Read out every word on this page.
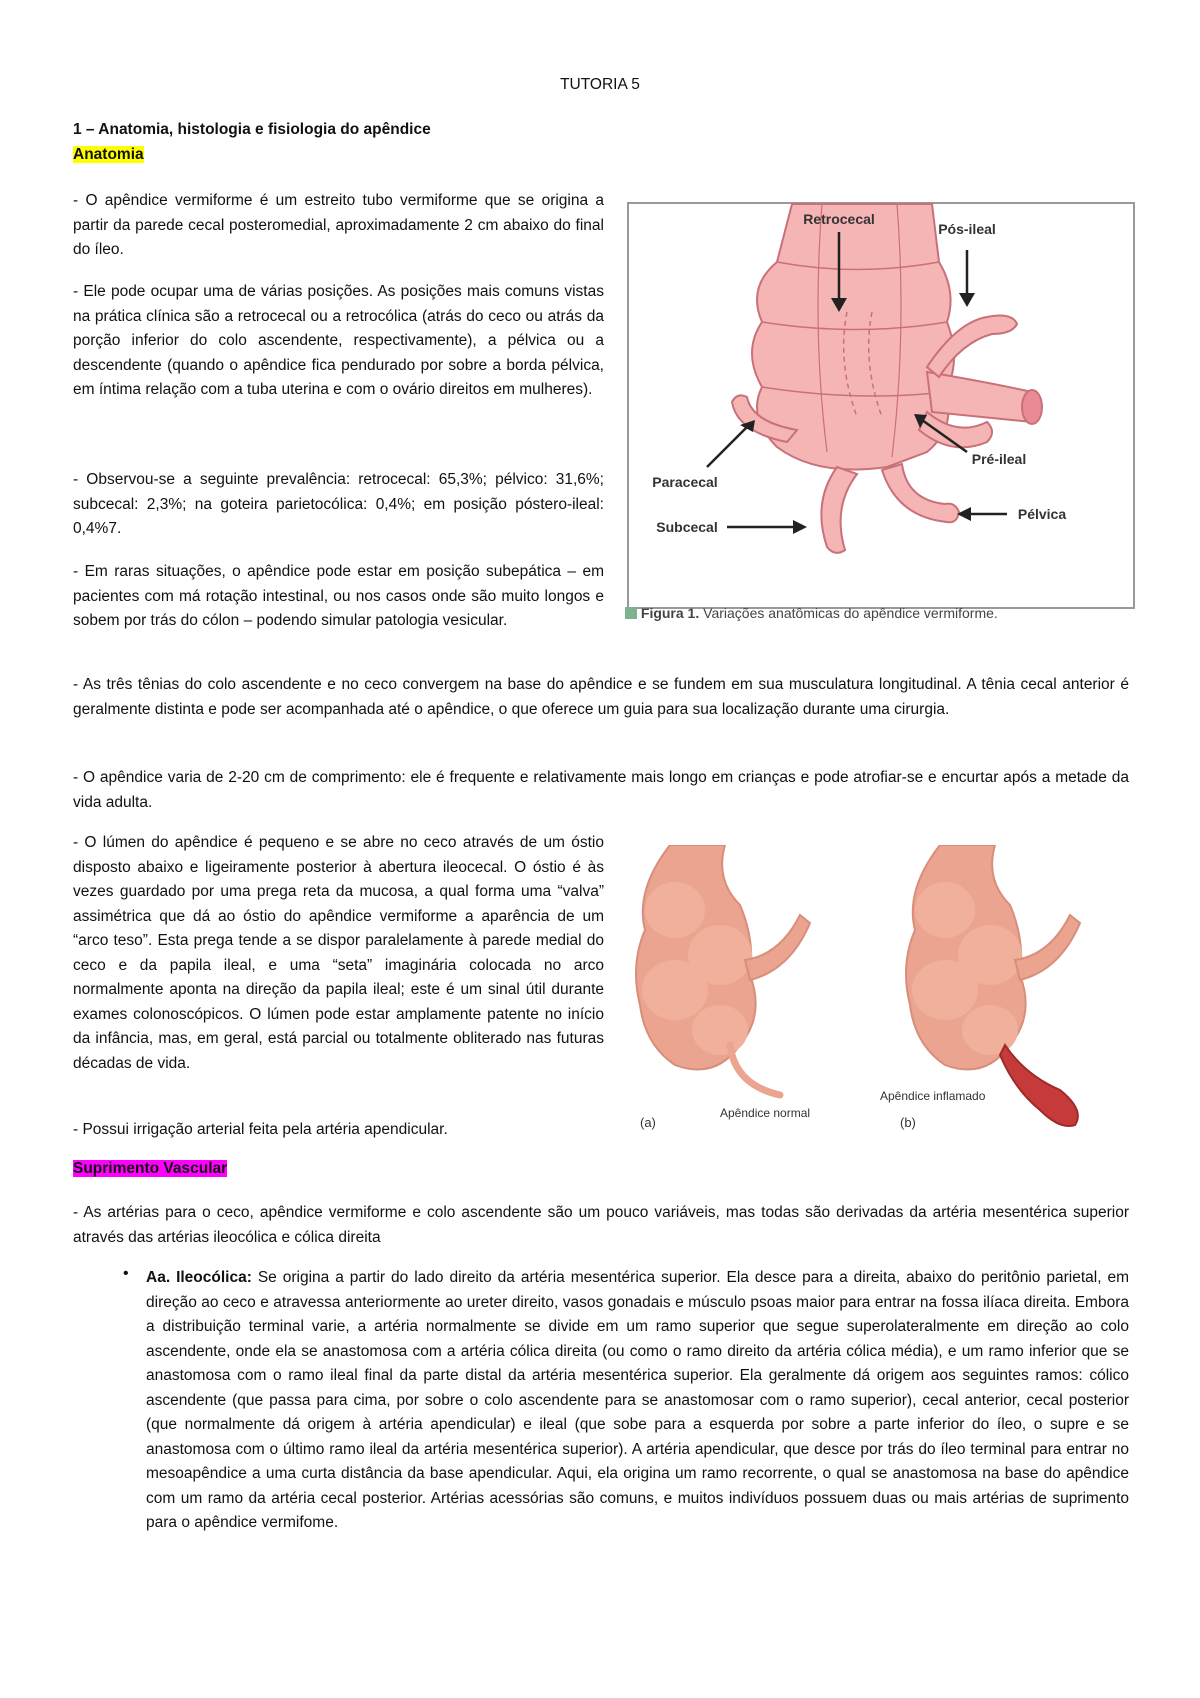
TUTORIA 5
1 – Anatomia, histologia e fisiologia do apêndice
Anatomia

- O apêndice vermiforme é um estreito tubo vermiforme que se origina a partir da parede cecal posteromedial, aproximadamente 2 cm abaixo do final do íleo.

- Ele pode ocupar uma de várias posições. As posições mais comuns vistas na prática clínica são a retrocecal ou a retrocólica (atrás do ceco ou atrás da porção inferior do colo ascendente, respectivamente), a pélvica ou a descendente (quando o apêndice fica pendurado por sobre a borda pélvica, em íntima relação com a tuba uterina e com o ovário direitos em mulheres).

- Observou-se a seguinte prevalência: retrocecal: 65,3%; pélvico: 31,6%; subcecal: 2,3%; na goteira parietocólica: 0,4%; em posição póstero-ileal: 0,4%7.

- Em raras situações, o apêndice pode estar em posição subepática – em pacientes com má rotação intestinal, ou nos casos onde são muito longos e sobem por trás do cólon – podendo simular patologia vesicular.

- As três tênias do colo ascendente e no ceco convergem na base do apêndice e se fundem em sua musculatura longitudinal. A tênia cecal anterior é geralmente distinta e pode ser acompanhada até o apêndice, o que oferece um guia para sua localização durante uma cirurgia.

- O apêndice varia de 2-20 cm de comprimento: ele é frequente e relativamente mais longo em crianças e pode atrofiar-se e encurtar após a metade da vida adulta.

- O lúmen do apêndice é pequeno e se abre no ceco através de um óstio disposto abaixo e ligeiramente posterior à abertura ileocecal. O óstio é às vezes guardado por uma prega reta da mucosa, a qual forma uma “valva” assimétrica que dá ao óstio do apêndice vermiforme a aparência de um “arco teso”. Esta prega tende a se dispor paralelamente à parede medial do ceco e da papila ileal, e uma “seta” imaginária colocada no arco normalmente aponta na direção da papila ileal; este é um sinal útil durante exames colonoscópicos. O lúmen pode estar amplamente patente no início da infância, mas, em geral, está parcial ou totalmente obliterado nas futuras décadas de vida.

- Possui irrigação arterial feita pela artéria apendicular.

Suprimento Vascular

- As artérias para o ceco, apêndice vermiforme e colo ascendente são um pouco variáveis, mas todas são derivadas da artéria mesentérica superior através das artérias ileocólica e cólica direita

• Aa. Ileocólica: Se origina a partir do lado direito da artéria mesentérica superior. Ela desce para a direita, abaixo do peritônio parietal, em direção ao ceco e atravessa anteriormente ao ureter direito, vasos gonadais e músculo psoas maior para entrar na fossa ilíaca direita. Embora a distribuição terminal varie, a artéria normalmente se divide em um ramo superior que segue superolateralmente em direção ao colo ascendente, onde ela se anastomosa com a artéria cólica direita (ou como o ramo direito da artéria cólica média), e um ramo inferior que se anastomosa com o ramo ileal final da parte distal da artéria mesentérica superior. Ela geralmente dá origem aos seguintes ramos: cólico ascendente (que passa para cima, por sobre o colo ascendente para se anastomosar com o ramo superior), cecal anterior, cecal posterior (que normalmente dá origem à artéria apendicular) e ileal (que sobe para a esquerda por sobre a parte inferior do íleo, o supre e se anastomosa com o último ramo ileal da artéria mesentérica superior). A artéria apendicular, que desce por trás do íleo terminal para entrar no mesoapêndice a uma curta distância da base apendicular. Aqui, ela origina um ramo recorrente, o qual se anastomosa na base do apêndice com um ramo da artéria cecal posterior. Artérias acessórias são comuns, e muitos indivíduos possuem duas ou mais artérias de suprimento para o apêndice vermifome.

Retrocecal
Pós-ileal
Paracecal
Pré-ileal
Subcecal
Pélvica
Figura 1. Variações anatômicas do apêndice vermiforme.
(a)
Apêndice normal
(b)
Apêndice inflamado
